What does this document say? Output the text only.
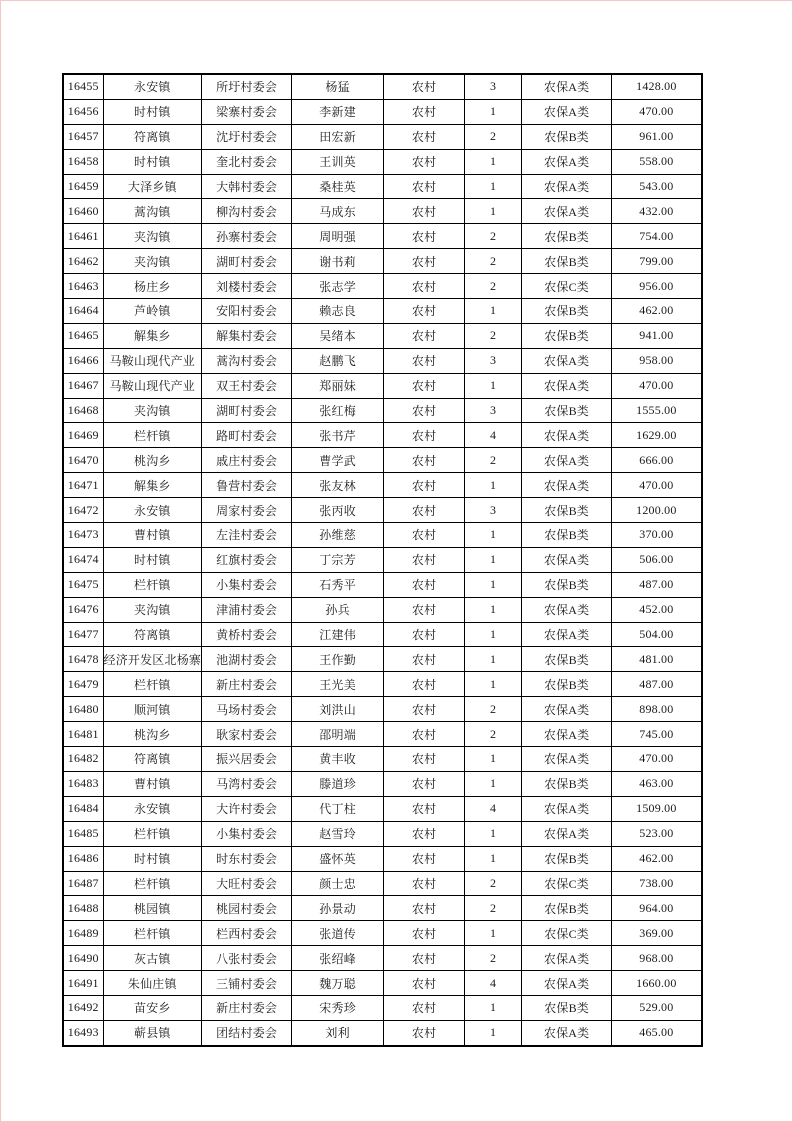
16455	永安镇	所圩村委会	杨猛	农村	3	农保A类	1428.00
16456	时村镇	梁寨村委会	李新建	农村	1	农保A类	470.00
16457	符离镇	沈圩村委会	田宏新	农村	2	农保B类	961.00
16458	时村镇	奎北村委会	王训英	农村	1	农保A类	558.00
16459	大泽乡镇	大韩村委会	桑桂英	农村	1	农保A类	543.00
16460	蒿沟镇	柳沟村委会	马成东	农村	1	农保A类	432.00
16461	夹沟镇	孙寨村委会	周明强	农村	2	农保B类	754.00
16462	夹沟镇	湖町村委会	谢书莉	农村	2	农保B类	799.00
16463	杨庄乡	刘楼村委会	张志学	农村	2	农保C类	956.00
16464	芦岭镇	安阳村委会	赖志良	农村	1	农保B类	462.00
16465	解集乡	解集村委会	吴绪本	农村	2	农保B类	941.00
16466	马鞍山现代产业	蒿沟村委会	赵鹏飞	农村	3	农保A类	958.00
16467	马鞍山现代产业	双王村委会	郑丽妹	农村	1	农保A类	470.00
16468	夹沟镇	湖町村委会	张红梅	农村	3	农保B类	1555.00
16469	栏杆镇	路町村委会	张书芹	农村	4	农保A类	1629.00
16470	桃沟乡	戚庄村委会	曹学武	农村	2	农保A类	666.00
16471	解集乡	鲁营村委会	张友林	农村	1	农保A类	470.00
16472	永安镇	周家村委会	张丙收	农村	3	农保B类	1200.00
16473	曹村镇	左洼村委会	孙维慈	农村	1	农保B类	370.00
16474	时村镇	红旗村委会	丁宗芳	农村	1	农保A类	506.00
16475	栏杆镇	小集村委会	石秀平	农村	1	农保B类	487.00
16476	夹沟镇	津浦村委会	孙兵	农村	1	农保A类	452.00
16477	符离镇	黄桥村委会	江建伟	农村	1	农保A类	504.00
16478	经济开发区北杨寨	池湖村委会	王作勤	农村	1	农保B类	481.00
16479	栏杆镇	新庄村委会	王光美	农村	1	农保B类	487.00
16480	顺河镇	马场村委会	刘洪山	农村	2	农保A类	898.00
16481	桃沟乡	耿家村委会	邵明端	农村	2	农保A类	745.00
16482	符离镇	振兴居委会	黄丰收	农村	1	农保A类	470.00
16483	曹村镇	马湾村委会	滕道珍	农村	1	农保B类	463.00
16484	永安镇	大许村委会	代丁柱	农村	4	农保A类	1509.00
16485	栏杆镇	小集村委会	赵雪玲	农村	1	农保A类	523.00
16486	时村镇	时东村委会	盛怀英	农村	1	农保B类	462.00
16487	栏杆镇	大旺村委会	颜士忠	农村	2	农保C类	738.00
16488	桃园镇	桃园村委会	孙景动	农村	2	农保B类	964.00
16489	栏杆镇	栏西村委会	张道传	农村	1	农保C类	369.00
16490	灰古镇	八张村委会	张绍峰	农村	2	农保A类	968.00
16491	朱仙庄镇	三铺村委会	魏万聪	农村	4	农保A类	1660.00
16492	苗安乡	新庄村委会	宋秀珍	农村	1	农保B类	529.00
16493	蕲县镇	团结村委会	刘利	农村	1	农保A类	465.00
